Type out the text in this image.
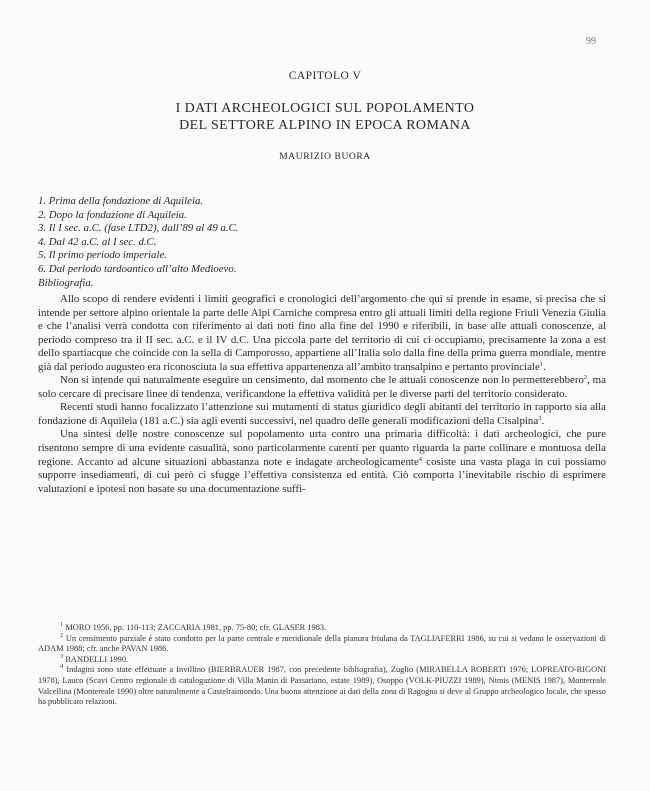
99
CAPITOLO V
I DATI ARCHEOLOGICI SUL POPOLAMENTO
DEL SETTORE ALPINO IN EPOCA ROMANA
MAURIZIO BUORA
1. Prima della fondazione di Aquileia.
2. Dopo la fondazione di Aquileia.
3. Il I sec. a.C. (fase LTD2), dall’89 al 49 a.C.
4. Dal 42 a.C. al I sec. d.C.
5. Il primo periodo imperiale.
6. Dal periodo tardoantico all’alto Medioevo.
Bibliografia.

Allo scopo di rendere evidenti i limiti geografici e cronologici dell’argomento che qui si prende in esame, si precisa che si intende per settore alpino orientale la parte delle Alpi Carniche compresa entro gli attuali limiti della regione Friuli Venezia Giulia e che l’analisi verrà condotta con riferimento ai dati noti fino alla fine del 1990 e riferibili, in base alle attuali conoscenze, al periodo compreso tra il II sec. a.C. e il IV d.C. Una piccola parte del territorio di cui ci occupiamo, precisamente la zona a est dello spartiacque che coincide con la sella di Camporosso, appartiene all’Italia solo dalla fine della prima guerra mondiale, mentre già dal periodo augusteo era riconosciuta la sua effettiva appartenenza all’ambito transalpino e pertanto provinciale$^1$.

Non si intende qui naturalmente eseguire un censimento, dal momento che le attuali conoscenze non lo permetterebbero$^2$, ma solo cercare di precisare linee di tendenza, verificandone la effettiva validità per le diverse parti del territorio considerato.

Recenti studi hanno focalizzato l’attenzione sui mutamenti di status giuridico degli abitanti del territorio in rapporto sia alla fondazione di Aquileia (181 a.C.) sia agli eventi successivi, nel quadro delle generali modificazioni della Cisalpina$^3$.

Una sintesi delle nostre conoscenze sul popolamento urta contro una primaria difficoltà: i dati archeologici, che pure risentono sempre di una evidente casualità, sono particolarmente carenti per quanto riguarda la parte collinare e montuosa della regione. Accanto ad alcune situazioni abbastanza note e indagate archeologicamente$^4$ cosiste una vasta plaga in cui possiamo supporre insediamenti, di cui però ci sfugge l’effettiva consistenza ed entità. Ciò comporta l’inevitabile rischio di esprimere valutazioni e ipotesi non basate su una documentazione suffi-

$^1$ MORO 1956, pp. 110-113; ZACCARIA 1981, pp. 75-80; cfr. GLASER 1983.

$^2$ Un censimento parziale è stato condotto per la parte centrale e meridionale della pianura friulana da TAGLIAFERRI 1986, su cui si vedano le osservazioni di ADAM 1988; cfr. anche PAVAN 1986.

$^3$ BANDELLI 1990.

$^4$ Indagini sono state effettuate a Invillino (BIERBRAUER 1987, con precedente bibliografia), Zuglio (MIRABELLA ROBERTI 1976; LOPREATO-RIGONI 1978), Lauco (Scavi Centro regionale di catalogazione di Villa Manin di Passariano, estate 1989), Osoppo (VOLK-PIUZZI 1989), Nimis (MENIS 1987), Montereale Valcellina (Montereale 1990) oltre naturalmente a Castelraimondo. Una buona attenzione ai dati della zona di Ragogna si deve al Gruppo archeologico locale, che spesso ha pubblicato relazioni.
